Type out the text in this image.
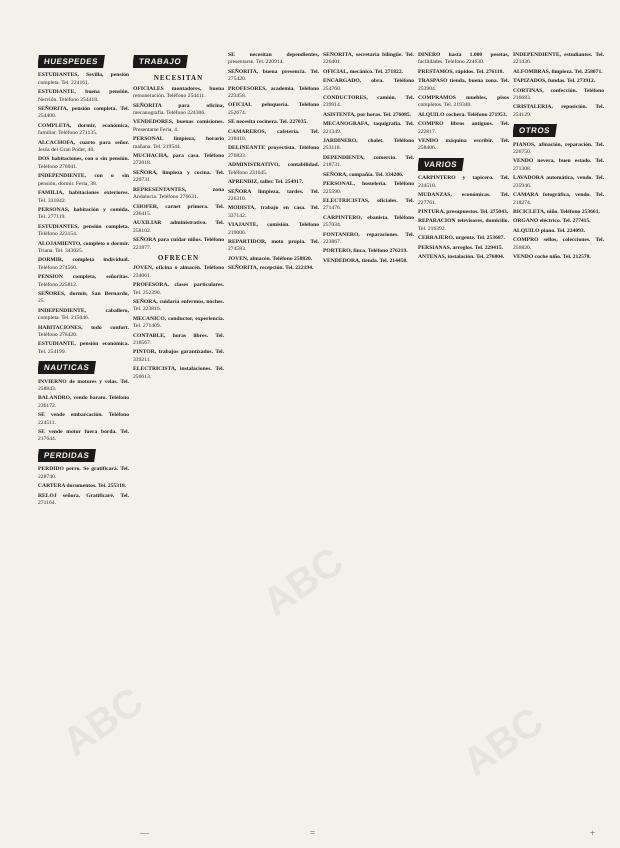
HUESPEDES

ESTUDIANTES, Sevilla, pensión completa. Tel. 224161.

ESTUDIANTE, buena pensión. Nervión. Teléfono 254418.

SEÑORITA, pensión completa. Tel. 254400.

COMPLETA, dormir, económica, familiar. Teléfono 271135.

ALCACHOFA, cuarto para señor. Jesús del Gran Poder, 40.

DOS habitaciones, con o sin pensión. Teléfono 276041.

INDEPENDIENTE, con o sin pensión, dormir. Feria, 38.

FAMILIA, habitaciones exteriores. Tel. 331842.

PERSONAS, habitación y comida. Tel. 277119.

ESTUDIANTES, pensión completa. Teléfono 223154.

ALOJAMIENTO, completo o dormir. Triana. Tel. 343025.

DORMIR, completa individual. Teléfono 274560.

PENSION completa, señoritas. Teléfono 225812.

SEÑORES, dormir, San Bernardo, 25.

INDEPENDIENTE, caballero, completa. Tel. 215046.

HABITACIONES, todo confort. Teléfono 276420.

ESTUDIANTE, pensión económica. Tel. 254199.

NAUTICAS

INVIERNO de motores y velas. Tel. 258843.

BALANDRO, vendo barato. Teléfono 236172.

SE vende embarcación. Teléfono 224511.

SE vende motor fuera borda. Tel. 217644.

PERDIDAS

PERDIDO perro. Se gratificará. Tel. 228740.

CARTERA documentos. Tel. 255318.

RELOJ señora. Gratificaré. Tel. 271164.

TRABAJO
NECESITAN

OFICIALES montadores, buena remuneración. Teléfono 254411.

SEÑORITA para oficina, mecanografía. Teléfono 224306.

VENDEDORES, buenas comisiones. Presentarse Feria, 4.

PERSONAL limpieza, horario mañana. Tel. 219544.

MUCHACHA, para casa. Teléfono 272018.

SEÑORA, limpieza y cocina. Tel. 220731.

REPRESENTANTES, zona Andalucía. Teléfono 276631.

CHOFER, carnet primera. Tel. 236415.

AUXILIAR administrativo. Tel. 258102.

SEÑORA para cuidar niños. Teléfono 221877.

OFRECEN

JOVEN, oficina o almacén. Teléfono 234061.

PROFESORA, clases particulares. Tel. 252390.

SEÑORA, cuidaría enfermos, noches. Tel. 223816.

MECANICO, conductor, experiencia. Tel. 271409.

CONTABLE, horas libres. Tel. 218567.

PINTOR, trabajos garantizados. Tel. 339211.

ELECTRICISTA, instalaciones. Tel. 256613.

SE necesitan dependientes, presentarse. Tel. 220914.

SEÑORITA, buena presencia. Tel. 275420.

PROFESORES, academia. Teléfono 223458.

OFICIAL peluquería. Teléfono 252674.

SE necesita cocinera. Tel. 227035.

CAMAREROS, cafetería. Tel. 218410.

DELINEANTE proyectista. Teléfono 276833.

ADMINISTRATIVO, contabilidad. Teléfono 231645.

APRENDIZ, taller. Tel. 254917.

SEÑORA limpieza, tardes. Tel. 226310.

MODISTA, trabajo en casa. Tel. 337142.

VIAJANTE, comisión. Teléfono 219006.

REPARTIDOR, moto propia. Tel. 274583.

JOVEN, almacén. Teléfono 258820.

SEÑORITA, recepción. Tel. 222194.

SEÑORITA, secretaria bilingüe. Tel. 226401.

OFICIAL, mecánico. Tel. 271822.

ENCARGADO, obra. Teléfono 254760.

CONDUCTORES, camión. Tel. 239914.

ASISTENTA, por horas. Tel. 276085.

MECANOGRAFA, taquigrafía. Tel. 221349.

JARDINERO, chalet. Teléfono 253118.

DEPENDIENTA, comercio. Tel. 218731.

SEÑORA, compañía. Tel. 334206.

PERSONAL, hostelería. Teléfono 225590.

ELECTRICISTAS, oficiales. Tel. 271476.

CARPINTERO, ebanista. Teléfono 257034.

FONTANERO, reparaciones. Tel. 223867.

PORTERO, finca. Teléfono 276219.

VENDEDORA, tienda. Tel. 214458.

DINERO hasta 1.000 pesetas, facilidades. Teléfono 224630.

PRESTAMOS, rápidos. Tel. 276118.

TRASPASO tienda, buena zona. Tel. 253904.

COMPRAMOS muebles, pisos completos. Tel. 219340.

ALQUILO cochera. Teléfono 271953.

COMPRO libros antiguos. Tel. 222817.

VENDO máquina escribir. Tel. 258406.

VARIOS

CARPINTERO y tapicero. Tel. 234518.

MUDANZAS, económicas. Tel. 227761.

PINTURA, presupuestos. Tel. 275043.

REPARACION televisores, domicilio. Tel. 216392.

CERRAJERO, urgente. Tel. 253687.

PERSIANAS, arreglos. Tel. 229415.

ANTENAS, instalación. Tel. 276804.

INDEPENDIENTE, estudiantes. Tel. 221436.

ALFOMBRAS, limpieza. Tel. 258071.

TAPIZADOS, fundas. Tel. 273912.

CORTINAS, confección. Teléfono 216683.

CRISTALERIA, reposición. Tel. 254129.

OTROS

PIANOS, afinación, reparación. Tel. 226750.

VENDO nevera, buen estado. Tel. 271308.

LAVADORA automática, vendo. Tel. 235946.

CAMARA fotográfica, vendo. Tel. 218274.

BICICLETA, niño. Teléfono 253661.

ORGANO eléctrico. Tel. 277415.

ALQUILO piano. Tel. 224093.

COMPRO sellos, colecciones. Tel. 256820.

VENDO coche niño. Tel. 212578.

ABC
ABC
ABC
—	=	+
